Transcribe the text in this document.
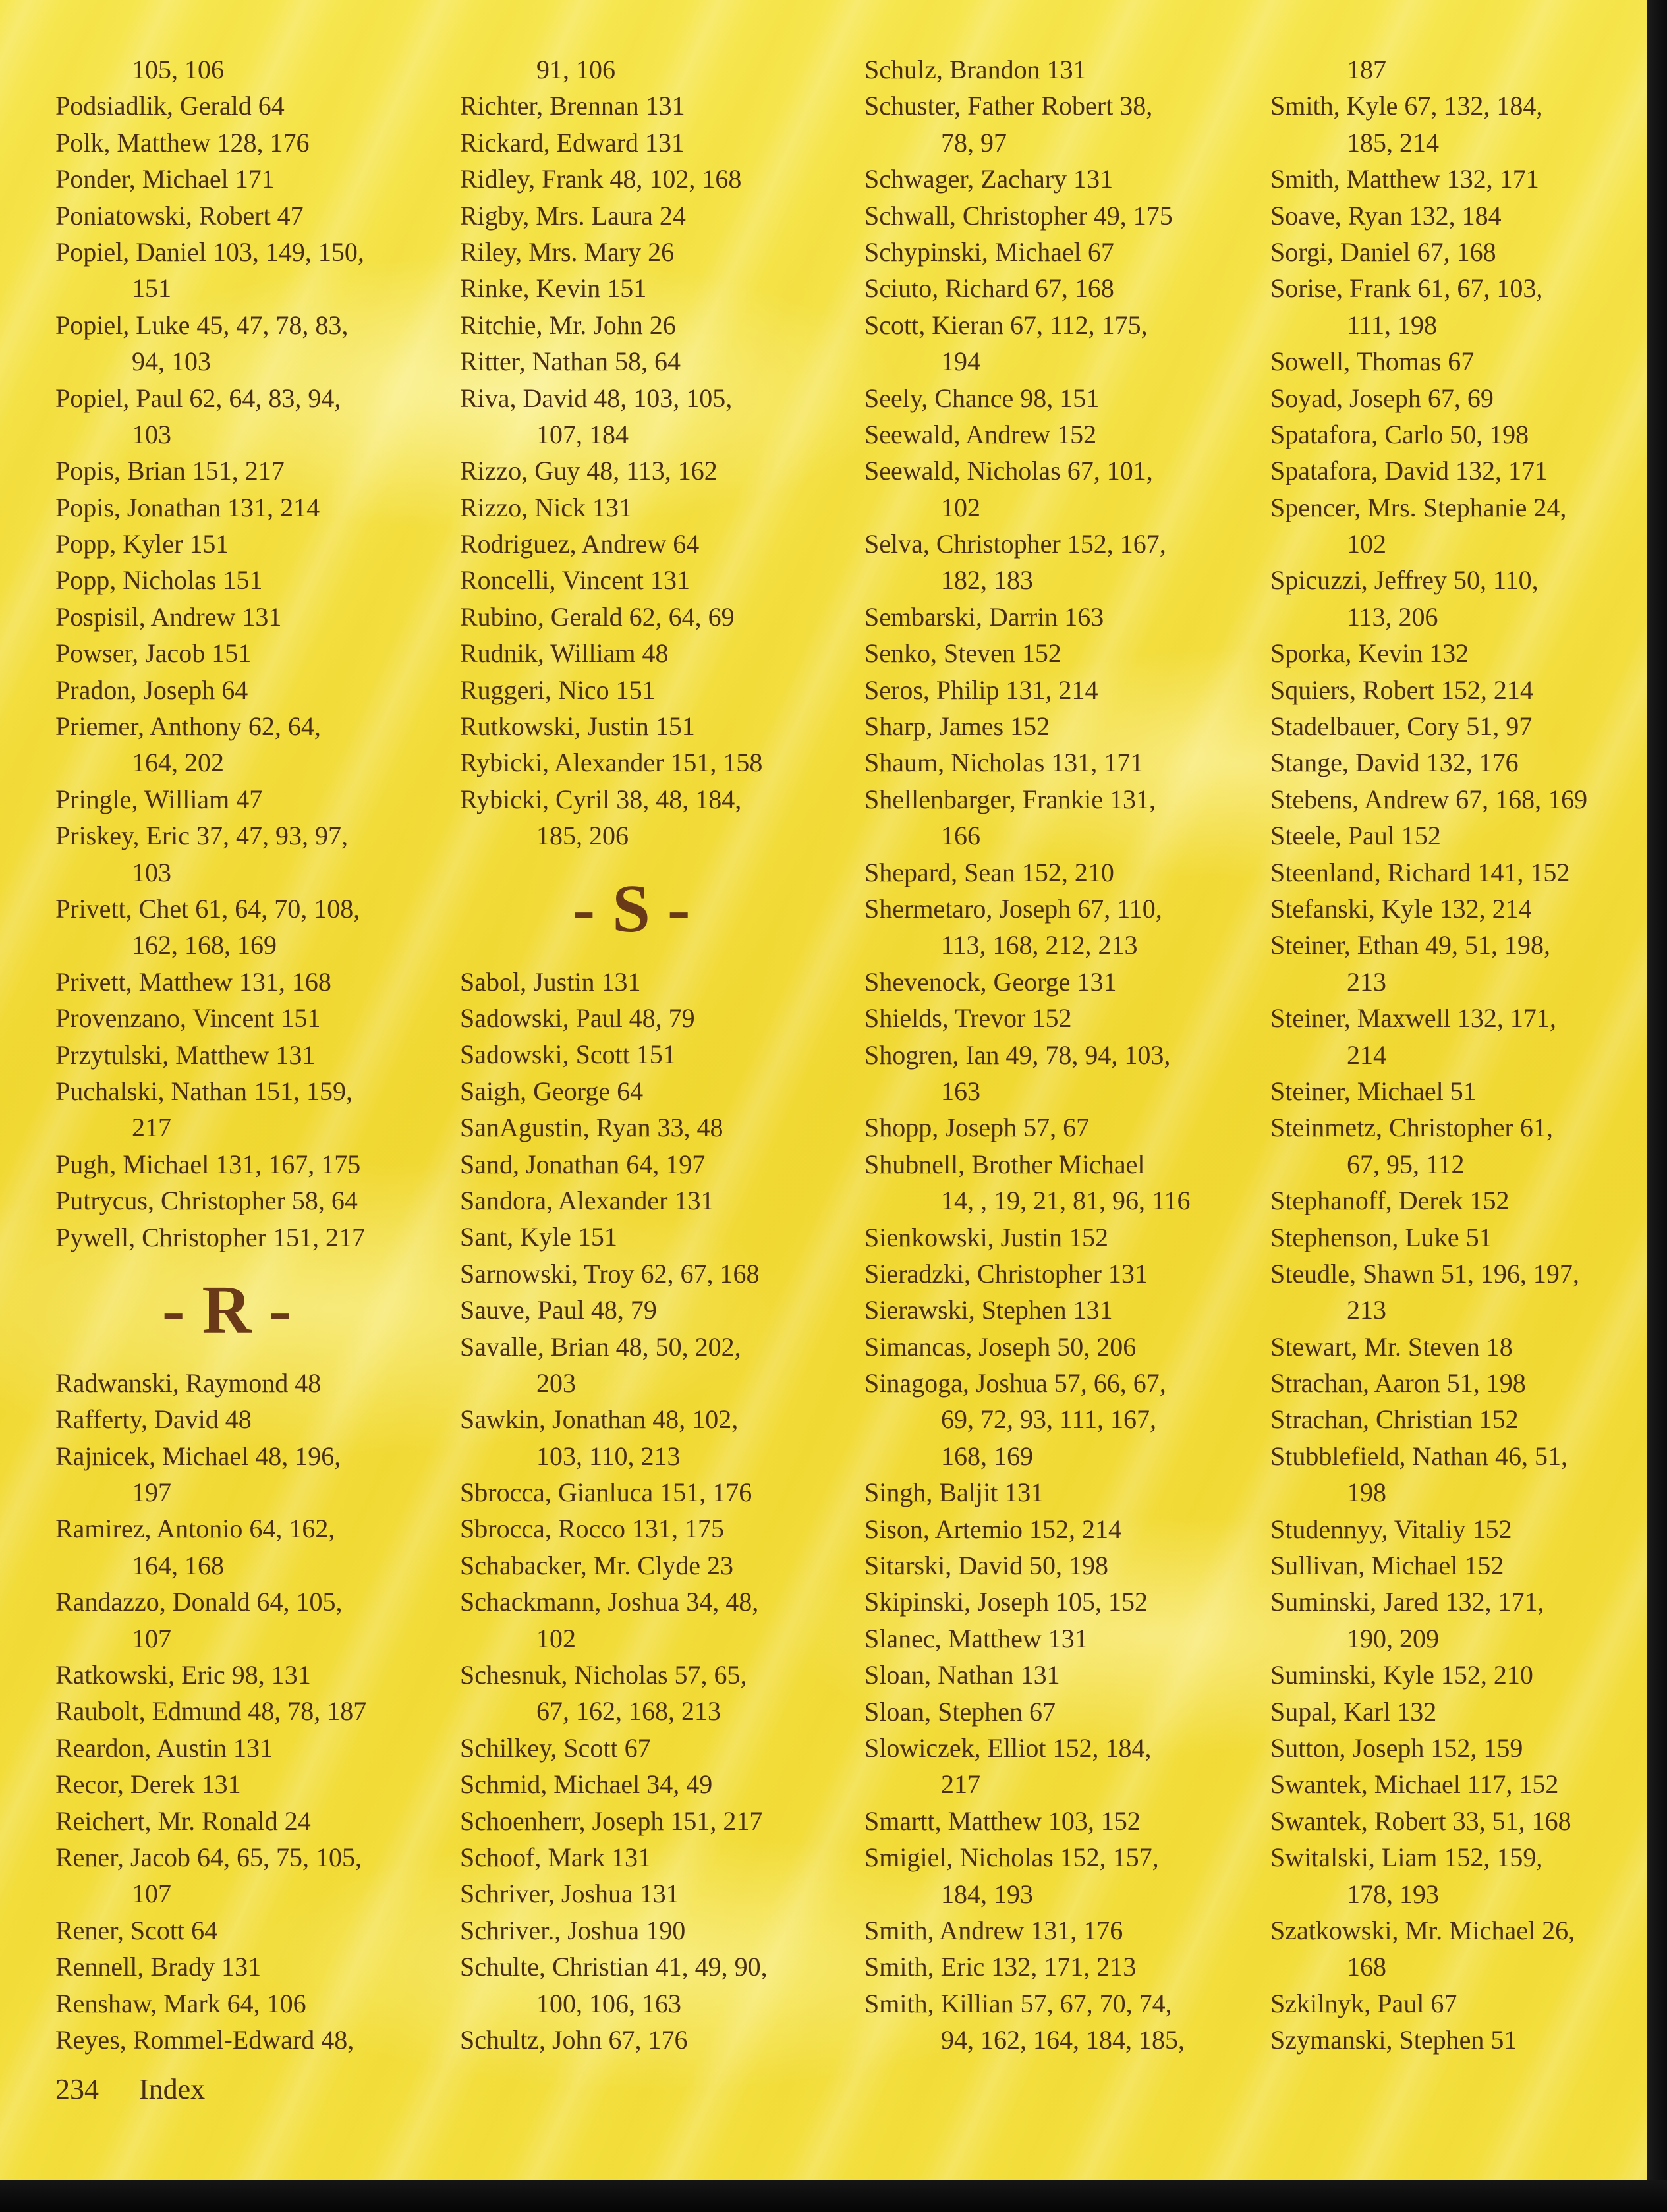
105, 106
Podsiadlik, Gerald 64
Polk, Matthew 128, 176
Ponder, Michael 171
Poniatowski, Robert 47
Popiel, Daniel 103, 149, 150,
151
Popiel, Luke 45, 47, 78, 83,
94, 103
Popiel, Paul 62, 64, 83, 94,
103
Popis, Brian 151, 217
Popis, Jonathan 131, 214
Popp, Kyler 151
Popp, Nicholas 151
Pospisil, Andrew 131
Powser, Jacob 151
Pradon, Joseph 64
Priemer, Anthony 62, 64,
164, 202
Pringle, William 47
Priskey, Eric 37, 47, 93, 97,
103
Privett, Chet 61, 64, 70, 108,
162, 168, 169
Privett, Matthew 131, 168
Provenzano, Vincent 151
Przytulski, Matthew 131
Puchalski, Nathan 151, 159,
217
Pugh, Michael 131, 167, 175
Putrycus, Christopher 58, 64
Pywell, Christopher 151, 217
- R -
Radwanski, Raymond 48
Rafferty, David 48
Rajnicek, Michael 48, 196,
197
Ramirez, Antonio 64, 162,
164, 168
Randazzo, Donald 64, 105,
107
Ratkowski, Eric 98, 131
Raubolt, Edmund 48, 78, 187
Reardon, Austin 131
Recor, Derek 131
Reichert, Mr. Ronald 24
Rener, Jacob 64, 65, 75, 105,
107
Rener, Scott 64
Rennell, Brady 131
Renshaw, Mark 64, 106
Reyes, Rommel-Edward 48,
91, 106
Richter, Brennan 131
Rickard, Edward 131
Ridley, Frank 48, 102, 168
Rigby, Mrs. Laura 24
Riley, Mrs. Mary 26
Rinke, Kevin 151
Ritchie, Mr. John 26
Ritter, Nathan 58, 64
Riva, David 48, 103, 105,
107, 184
Rizzo, Guy 48, 113, 162
Rizzo, Nick 131
Rodriguez, Andrew 64
Roncelli, Vincent 131
Rubino, Gerald 62, 64, 69
Rudnik, William 48
Ruggeri, Nico 151
Rutkowski, Justin 151
Rybicki, Alexander 151, 158
Rybicki, Cyril 38, 48, 184,
185, 206
- S -
Sabol, Justin 131
Sadowski, Paul 48, 79
Sadowski, Scott 151
Saigh, George 64
SanAgustin, Ryan 33, 48
Sand, Jonathan 64, 197
Sandora, Alexander 131
Sant, Kyle 151
Sarnowski, Troy 62, 67, 168
Sauve, Paul 48, 79
Savalle, Brian 48, 50, 202,
203
Sawkin, Jonathan 48, 102,
103, 110, 213
Sbrocca, Gianluca 151, 176
Sbrocca, Rocco 131, 175
Schabacker, Mr. Clyde 23
Schackmann, Joshua 34, 48,
102
Schesnuk, Nicholas 57, 65,
67, 162, 168, 213
Schilkey, Scott 67
Schmid, Michael 34, 49
Schoenherr, Joseph 151, 217
Schoof, Mark 131
Schriver, Joshua 131
Schriver., Joshua 190
Schulte, Christian 41, 49, 90,
100, 106, 163
Schultz, John 67, 176
Schulz, Brandon 131
Schuster, Father Robert 38,
78, 97
Schwager, Zachary 131
Schwall, Christopher 49, 175
Schypinski, Michael 67
Sciuto, Richard 67, 168
Scott, Kieran 67, 112, 175,
194
Seely, Chance 98, 151
Seewald, Andrew 152
Seewald, Nicholas 67, 101,
102
Selva, Christopher 152, 167,
182, 183
Sembarski, Darrin 163
Senko, Steven 152
Seros, Philip 131, 214
Sharp, James 152
Shaum, Nicholas 131, 171
Shellenbarger, Frankie 131,
166
Shepard, Sean 152, 210
Shermetaro, Joseph 67, 110,
113, 168, 212, 213
Shevenock, George 131
Shields, Trevor 152
Shogren, Ian 49, 78, 94, 103,
163
Shopp, Joseph 57, 67
Shubnell, Brother Michael
14, , 19, 21, 81, 96, 116
Sienkowski, Justin 152
Sieradzki, Christopher 131
Sierawski, Stephen 131
Simancas, Joseph 50, 206
Sinagoga, Joshua 57, 66, 67,
69, 72, 93, 111, 167,
168, 169
Singh, Baljit 131
Sison, Artemio 152, 214
Sitarski, David 50, 198
Skipinski, Joseph 105, 152
Slanec, Matthew 131
Sloan, Nathan 131
Sloan, Stephen 67
Slowiczek, Elliot 152, 184,
217
Smartt, Matthew 103, 152
Smigiel, Nicholas 152, 157,
184, 193
Smith, Andrew 131, 176
Smith, Eric 132, 171, 213
Smith, Killian 57, 67, 70, 74,
94, 162, 164, 184, 185,
187
Smith, Kyle 67, 132, 184,
185, 214
Smith, Matthew 132, 171
Soave, Ryan 132, 184
Sorgi, Daniel 67, 168
Sorise, Frank 61, 67, 103,
111, 198
Sowell, Thomas 67
Soyad, Joseph 67, 69
Spatafora, Carlo 50, 198
Spatafora, David 132, 171
Spencer, Mrs. Stephanie 24,
102
Spicuzzi, Jeffrey 50, 110,
113, 206
Sporka, Kevin 132
Squiers, Robert 152, 214
Stadelbauer, Cory 51, 97
Stange, David 132, 176
Stebens, Andrew 67, 168, 169
Steele, Paul 152
Steenland, Richard 141, 152
Stefanski, Kyle 132, 214
Steiner, Ethan 49, 51, 198,
213
Steiner, Maxwell 132, 171,
214
Steiner, Michael 51
Steinmetz, Christopher 61,
67, 95, 112
Stephanoff, Derek 152
Stephenson, Luke 51
Steudle, Shawn 51, 196, 197,
213
Stewart, Mr. Steven 18
Strachan, Aaron 51, 198
Strachan, Christian 152
Stubblefield, Nathan 46, 51,
198
Studennyy, Vitaliy 152
Sullivan, Michael 152
Suminski, Jared 132, 171,
190, 209
Suminski, Kyle 152, 210
Supal, Karl 132
Sutton, Joseph 152, 159
Swantek, Michael 117, 152
Swantek, Robert 33, 51, 168
Switalski, Liam 152, 159,
178, 193
Szatkowski, Mr. Michael 26,
168
Szkilnyk, Paul 67
Szymanski, Stephen 51
234 Index
